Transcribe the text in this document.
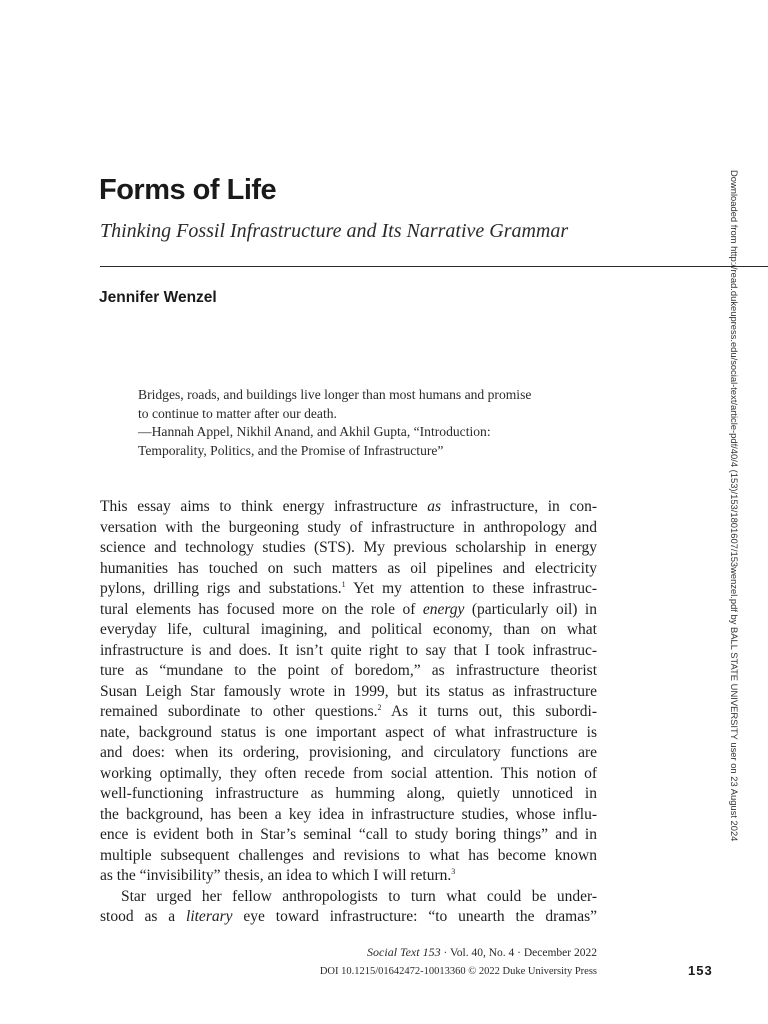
Forms of Life
Thinking Fossil Infrastructure and Its Narrative Grammar
Jennifer Wenzel
Bridges, roads, and buildings live longer than most humans and promise
to continue to matter after our death.
—Hannah Appel, Nikhil Anand, and Akhil Gupta, “Introduction:
Temporality, Politics, and the Promise of Infrastructure”
This essay aims to think energy infrastructure as infrastructure, in con-
versation with the burgeoning study of infrastructure in anthropology and
science and technology studies (STS). My previous scholarship in energy
humanities has touched on such matters as oil pipelines and electricity
pylons, drilling rigs and substations.$^1$ Yet my attention to these infrastruc-
tural elements has focused more on the role of energy (particularly oil) in
everyday life, cultural imagining, and political economy, than on what
infrastructure is and does. It isn’t quite right to say that I took infrastruc-
ture as “mundane to the point of boredom,” as infrastructure theorist
Susan Leigh Star famously wrote in 1999, but its status as infrastructure
remained subordinate to other questions.$^2$ As it turns out, this subordi-
nate, background status is one important aspect of what infrastructure is
and does: when its ordering, provisioning, and circulatory functions are
working optimally, they often recede from social attention. This notion of
well-functioning infrastructure as humming along, quietly unnoticed in
the background, has been a key idea in infrastructure studies, whose influ-
ence is evident both in Star’s seminal “call to study boring things” and in
multiple subsequent challenges and revisions to what has become known
as the “invisibility” thesis, an idea to which I will return.$^3$
Star urged her fellow anthropologists to turn what could be under-
stood as a literary eye toward infrastructure: “to unearth the dramas”
Social Text 153 · Vol. 40, No. 4 · December 2022
DOI 10.1215/01642472-10013360 © 2022 Duke University Press	153
Downloaded from http://read.dukeupress.edu/social-text/article-pdf/40/4 (153)/153/1801607/153wenzel.pdf by BALL STATE UNIVERSITY user on 23 August 2024
